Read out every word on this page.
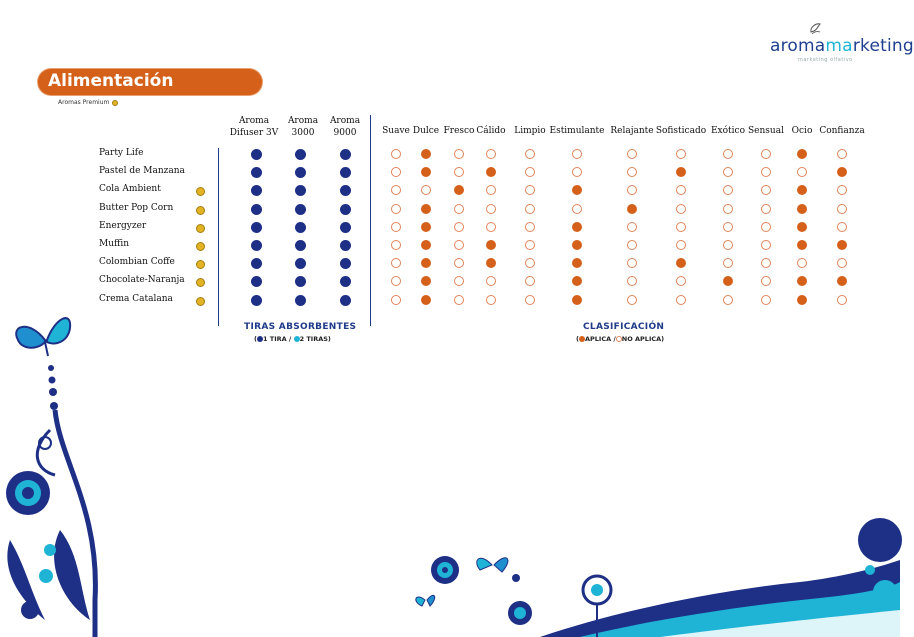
aromamarketing
marketing olfativo
Alimentación
Aromas Premium
Aroma
Difuser 3V
Aroma
3000
Aroma
9000	Suave Dulce Fresco Cálido Limpio Estimulante Relajante Sofisticado Exótico Sensual Ocio Confianza
Party Life
Pastel de Manzana
Cola Ambient
Butter Pop Corn
Energyzer
Muffin
Colombian Coffe
Chocolate-Naranja
Crema Catalana
TIRAS ABSORBENTES
( 1 TIRA / 2 TIRAS)
CLASIFICACIÓN
( APLICA / NO APLICA)
